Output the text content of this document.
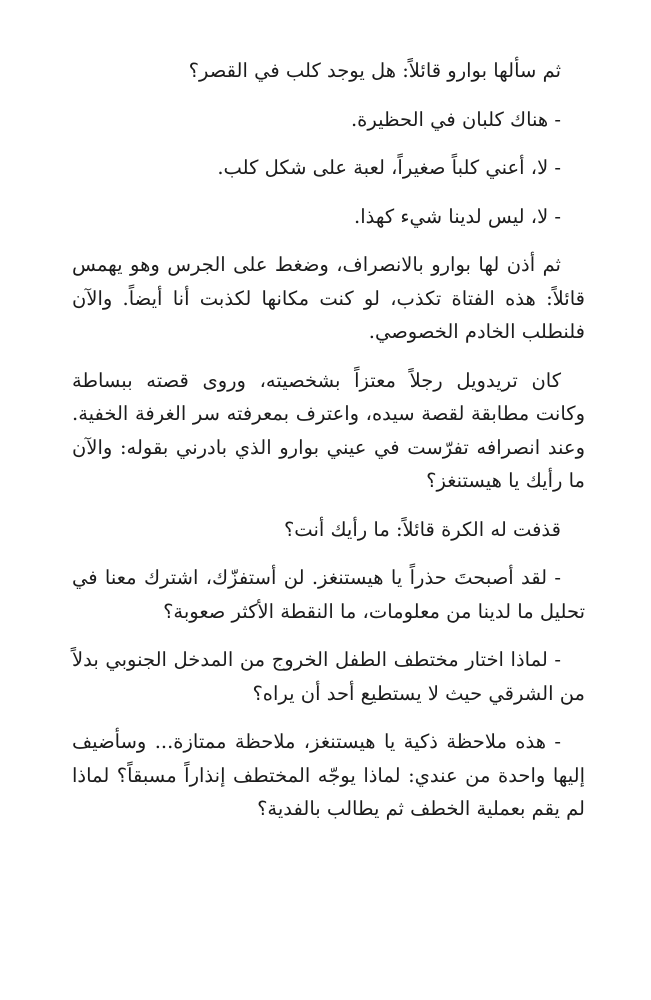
ثم سألها بوارو قائلاً: هل يوجد كلب في القصر؟

- هناك كلبان في الحظيرة.

- لا، أعني كلباً صغيراً، لعبة على شكل كلب.

- لا، ليس لدينا شيء كهذا.

ثم أذن لها بوارو بالانصراف، وضغط على الجرس وهو يهمس قائلاً: هذه الفتاة تكذب، لو كنت مكانها لكذبت أنا أيضاً. والآن فلنطلب الخادم الخصوصي.

كان تريدويل رجلاً معتزاً بشخصيته، وروى قصته ببساطة وكانت مطابقة لقصة سيده، واعترف بمعرفته سر الغرفة الخفية. وعند انصرافه تفرّست في عيني بوارو الذي بادرني بقوله: والآن ما رأيك يا هيستنغز؟

قذفت له الكرة قائلاً: ما رأيك أنت؟

- لقد أصبحتَ حذراً يا هيستنغز. لن أستفزّك، اشترك معنا في تحليل ما لدينا من معلومات، ما النقطة الأكثر صعوبة؟

- لماذا اختار مختطف الطفل الخروج من المدخل الجنوبي بدلاً من الشرقي حيث لا يستطيع أحد أن يراه؟

- هذه ملاحظة ذكية يا هيستنغز، ملاحظة ممتازة... وسأضيف إليها واحدة من عندي: لماذا يوجّه المختطف إنذاراً مسبقاً؟ لماذا لم يقم بعملية الخطف ثم يطالب بالفدية؟
